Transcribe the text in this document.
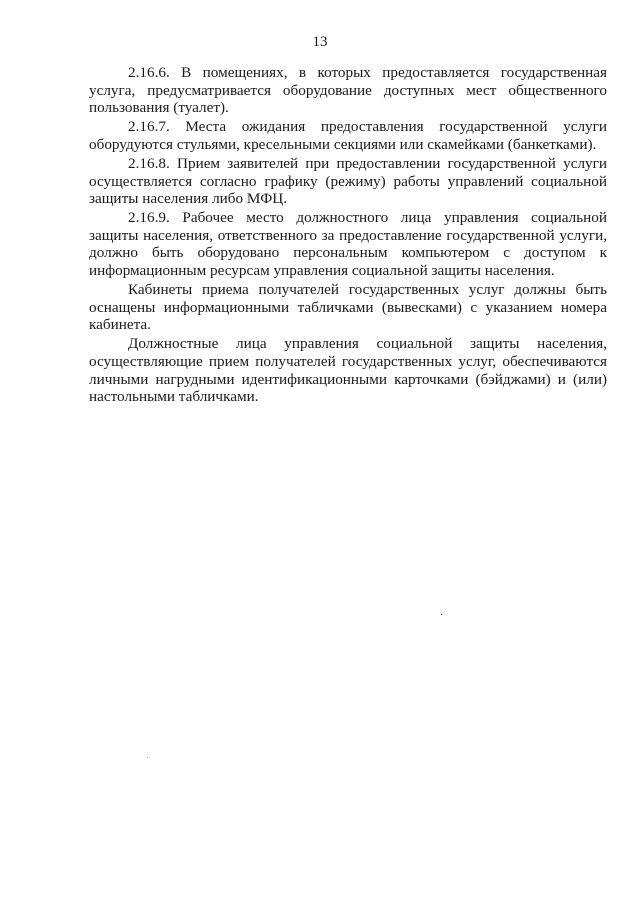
13

2.16.6. В помещениях, в которых предоставляется государственная услуга, предусматривается оборудование доступных мест общественного пользования (туалет).

2.16.7. Места ожидания предоставления государственной услуги оборудуются стульями, кресельными секциями или скамейками (банкетками).

2.16.8. Прием заявителей при предоставлении государственной услуги осуществляется согласно графику (режиму) работы управлений социальной защиты населения либо МФЦ.

2.16.9. Рабочее место должностного лица управления социальной защиты населения, ответственного за предоставление государственной услуги, должно быть оборудовано персональным компьютером с доступом к информационным ресурсам управления социальной защиты населения.

Кабинеты приема получателей государственных услуг должны быть оснащены информационными табличками (вывесками) с указанием номера кабинета.

Должностные лица управления социальной защиты населения, осуществляющие прием получателей государственных услуг, обеспечиваются личными нагрудными идентификационными карточками (бэйджами) и (или) настольными табличками.
